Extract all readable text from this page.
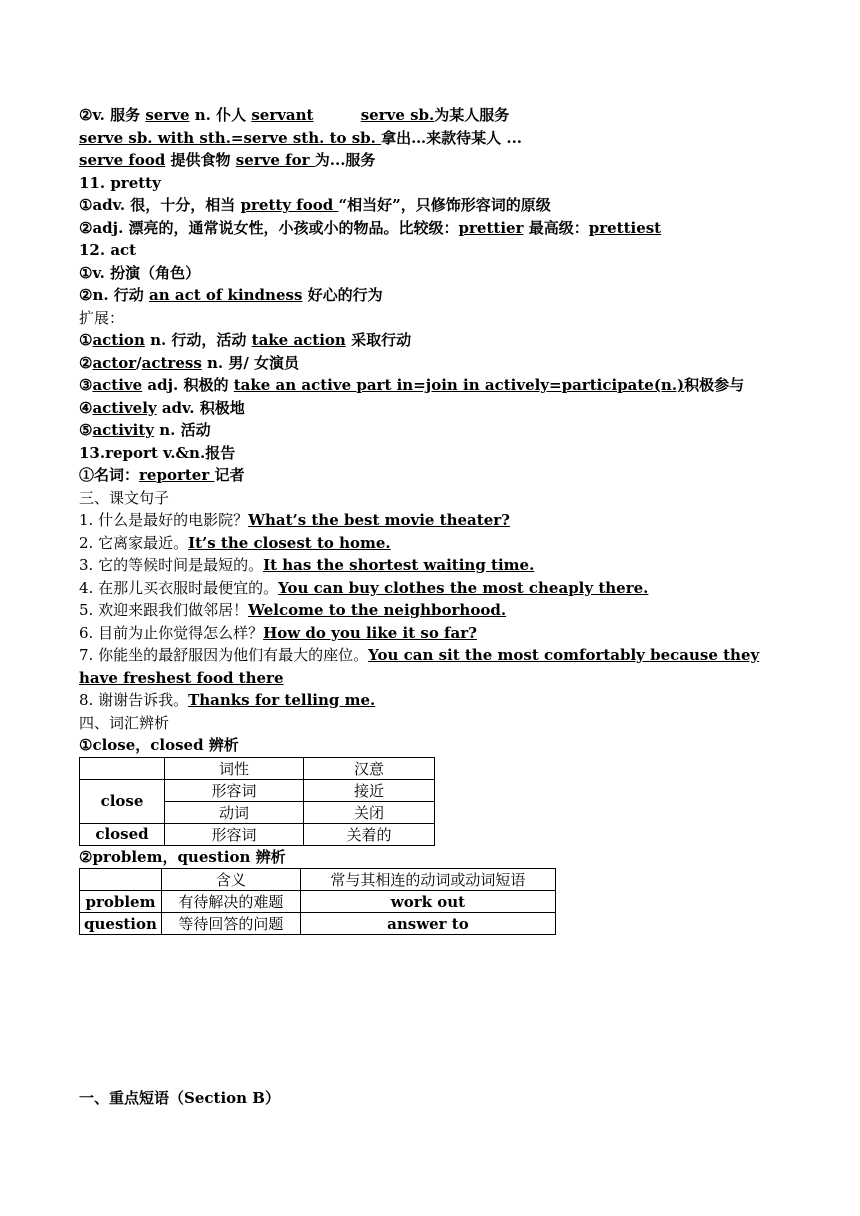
②v. 服务 serve n. 仆人 servant	serve sb.为某人服务
serve sb. with sth.=serve sth. to sb. 拿出…来款待某人 ...
serve food 提供食物 serve for 为...服务
11. pretty
①adv. 很，十分，相当 pretty food “相当好”，只修饰形容词的原级
②adj. 漂亮的，通常说女性，小孩或小的物品。比较级：prettier 最高级：prettiest
12. act
①v. 扮演（角色）
②n. 行动 an act of kindness 好心的行为
扩展：
①action n. 行动，活动 take action 采取行动
②actor/actress n. 男/ 女演员
③active adj. 积极的 take an active part in=join in actively=participate(n.)积极参与
④actively adv. 积极地
⑤activity n. 活动
13.report v.&n.报告
①名词：reporter 记者
三、课文句子
1. 什么是最好的电影院？What’s the best movie theater?
2. 它离家最近。It’s the closest to home.
3. 它的等候时间是最短的。It has the shortest waiting time.
4. 在那儿买衣服时最便宜的。You can buy clothes the most cheaply there.
5. 欢迎来跟我们做邻居！Welcome to the neighborhood.
6. 目前为止你觉得怎么样？How do you like it so far?
7. 你能坐的最舒服因为他们有最大的座位。You can sit the most comfortably because they have freshest food there
8. 谢谢告诉我。Thanks for telling me.
四、词汇辨析
①close，closed 辨析
	词性	汉意
close	形容词	接近
	动词	关闭
closed	形容词	关着的
②problem，question 辨析
	含义	常与其相连的动词或动词短语
problem	有待解决的难题	work out
question	等待回答的问题	answer to
一、重点短语（Section B）
